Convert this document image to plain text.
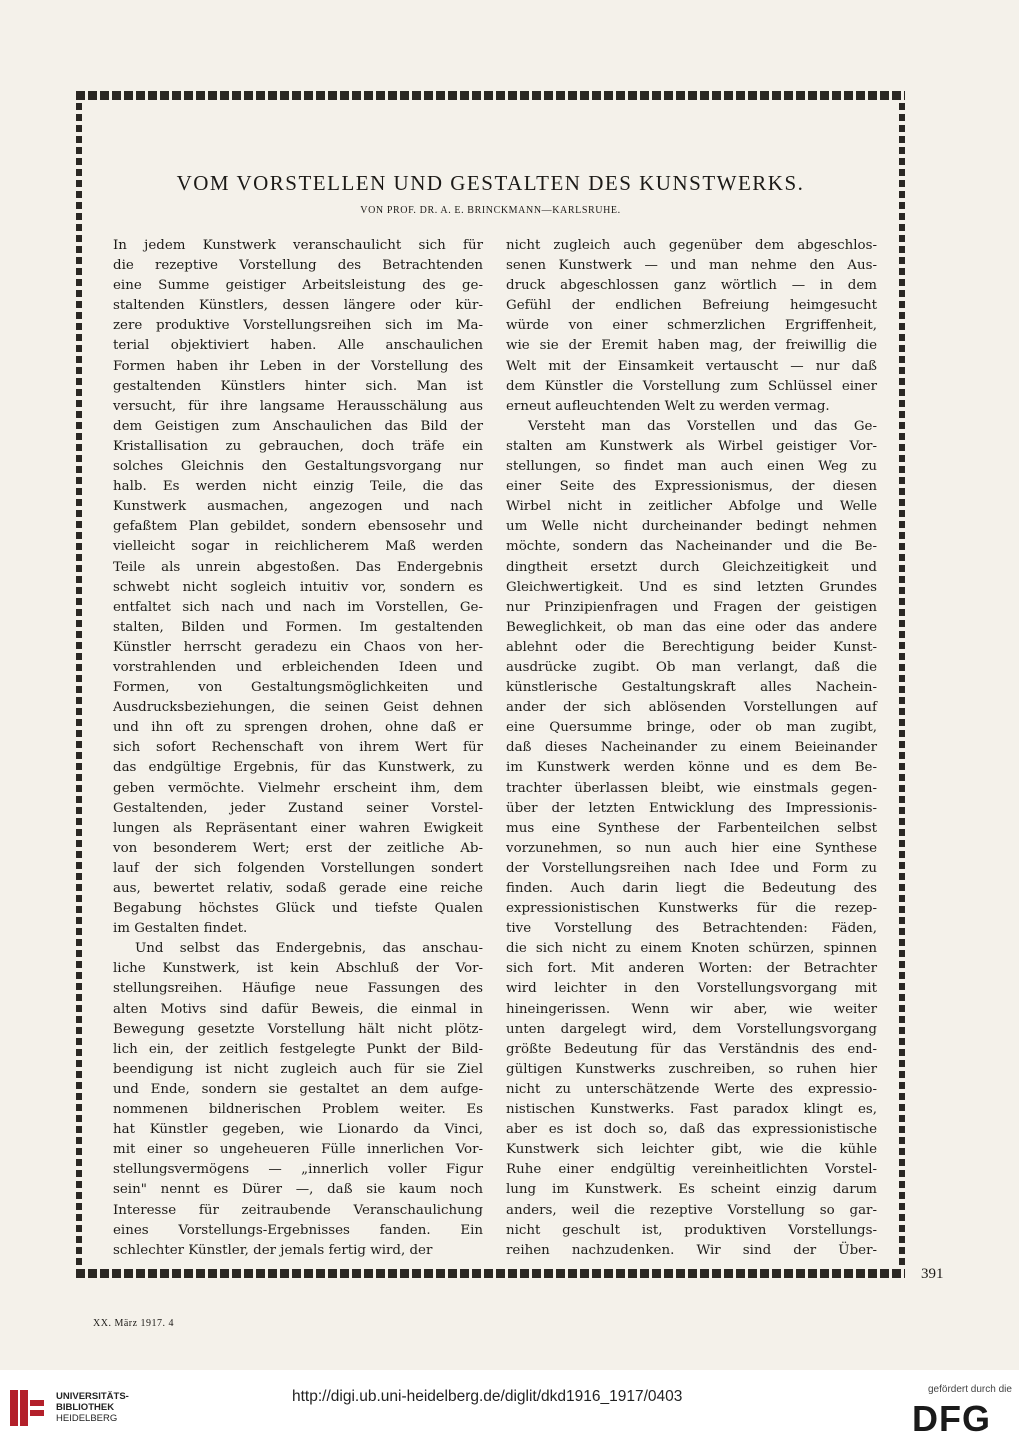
VOM VORSTELLEN UND GESTALTEN DES KUNSTWERKS.
VON PROF. DR. A. E. BRINCKMANN—KARLSRUHE.
In jedem Kunstwerk veranschaulicht sich für
die rezeptive Vorstellung des Betrachtenden
eine Summe geistiger Arbeitsleistung des ge-
staltenden Künstlers, dessen längere oder kür-
zere produktive Vorstellungsreihen sich im Ma-
terial objektiviert haben. Alle anschaulichen
Formen haben ihr Leben in der Vorstellung des
gestaltenden Künstlers hinter sich. Man ist
versucht, für ihre langsame Herausschälung aus
dem Geistigen zum Anschaulichen das Bild der
Kristallisation zu gebrauchen, doch träfe ein
solches Gleichnis den Gestaltungsvorgang nur
halb. Es werden nicht einzig Teile, die das
Kunstwerk ausmachen, angezogen und nach
gefaßtem Plan gebildet, sondern ebensosehr und
vielleicht sogar in reichlicherem Maß werden
Teile als unrein abgestoßen. Das Endergebnis
schwebt nicht sogleich intuitiv vor, sondern es
entfaltet sich nach und nach im Vorstellen, Ge-
stalten, Bilden und Formen. Im gestaltenden
Künstler herrscht geradezu ein Chaos von her-
vorstrahlenden und erbleichenden Ideen und
Formen, von Gestaltungsmöglichkeiten und
Ausdrucksbeziehungen, die seinen Geist dehnen
und ihn oft zu sprengen drohen, ohne daß er
sich sofort Rechenschaft von ihrem Wert für
das endgültige Ergebnis, für das Kunstwerk, zu
geben vermöchte. Vielmehr erscheint ihm, dem
Gestaltenden, jeder Zustand seiner Vorstel-
lungen als Repräsentant einer wahren Ewigkeit
von besonderem Wert; erst der zeitliche Ab-
lauf der sich folgenden Vorstellungen sondert
aus, bewertet relativ, sodaß gerade eine reiche
Begabung höchstes Glück und tiefste Qualen
im Gestalten findet.
Und selbst das Endergebnis, das anschau-
liche Kunstwerk, ist kein Abschluß der Vor-
stellungsreihen. Häufige neue Fassungen des
alten Motivs sind dafür Beweis, die einmal in
Bewegung gesetzte Vorstellung hält nicht plötz-
lich ein, der zeitlich festgelegte Punkt der Bild-
beendigung ist nicht zugleich auch für sie Ziel
und Ende, sondern sie gestaltet an dem aufge-
nommenen bildnerischen Problem weiter. Es
hat Künstler gegeben, wie Lionardo da Vinci,
mit einer so ungeheueren Fülle innerlichen Vor-
stellungsvermögens — „innerlich voller Figur
sein" nennt es Dürer —, daß sie kaum noch
Interesse für zeitraubende Veranschaulichung
eines Vorstellungs-Ergebnisses fanden. Ein
schlechter Künstler, der jemals fertig wird, der
nicht zugleich auch gegenüber dem abgeschlos-
senen Kunstwerk — und man nehme den Aus-
druck abgeschlossen ganz wörtlich — in dem
Gefühl der endlichen Befreiung heimgesucht
würde von einer schmerzlichen Ergriffenheit,
wie sie der Eremit haben mag, der freiwillig die
Welt mit der Einsamkeit vertauscht — nur daß
dem Künstler die Vorstellung zum Schlüssel einer
erneut aufleuchtenden Welt zu werden vermag.
Versteht man das Vorstellen und das Ge-
stalten am Kunstwerk als Wirbel geistiger Vor-
stellungen, so findet man auch einen Weg zu
einer Seite des Expressionismus, der diesen
Wirbel nicht in zeitlicher Abfolge und Welle
um Welle nicht durcheinander bedingt nehmen
möchte, sondern das Nacheinander und die Be-
dingtheit ersetzt durch Gleichzeitigkeit und
Gleichwertigkeit. Und es sind letzten Grundes
nur Prinzipienfragen und Fragen der geistigen
Beweglichkeit, ob man das eine oder das andere
ablehnt oder die Berechtigung beider Kunst-
ausdrücke zugibt. Ob man verlangt, daß die
künstlerische Gestaltungskraft alles Nachein-
ander der sich ablösenden Vorstellungen auf
eine Quersumme bringe, oder ob man zugibt,
daß dieses Nacheinander zu einem Beieinander
im Kunstwerk werden könne und es dem Be-
trachter überlassen bleibt, wie einstmals gegen-
über der letzten Entwicklung des Impressionis-
mus eine Synthese der Farbenteilchen selbst
vorzunehmen, so nun auch hier eine Synthese
der Vorstellungsreihen nach Idee und Form zu
finden. Auch darin liegt die Bedeutung des
expressionistischen Kunstwerks für die rezep-
tive Vorstellung des Betrachtenden: Fäden,
die sich nicht zu einem Knoten schürzen, spinnen
sich fort. Mit anderen Worten: der Betrachter
wird leichter in den Vorstellungsvorgang mit
hineingerissen. Wenn wir aber, wie weiter
unten dargelegt wird, dem Vorstellungsvorgang
größte Bedeutung für das Verständnis des end-
gültigen Kunstwerks zuschreiben, so ruhen hier
nicht zu unterschätzende Werte des expressio-
nistischen Kunstwerks. Fast paradox klingt es,
aber es ist doch so, daß das expressionistische
Kunstwerk sich leichter gibt, wie die kühle
Ruhe einer endgültig vereinheitlichten Vorstel-
lung im Kunstwerk. Es scheint einzig darum
anders, weil die rezeptive Vorstellung so gar-
nicht geschult ist, produktiven Vorstellungs-
reihen nachzudenken. Wir sind der Über-
391
XX. März 1917. 4
UNIVERSITÄTS-
BIBLIOTHEK
HEIDELBERG
http://digi.ub.uni-heidelberg.de/diglit/dkd1916_1917/0403	gefördert durch die
DFG
